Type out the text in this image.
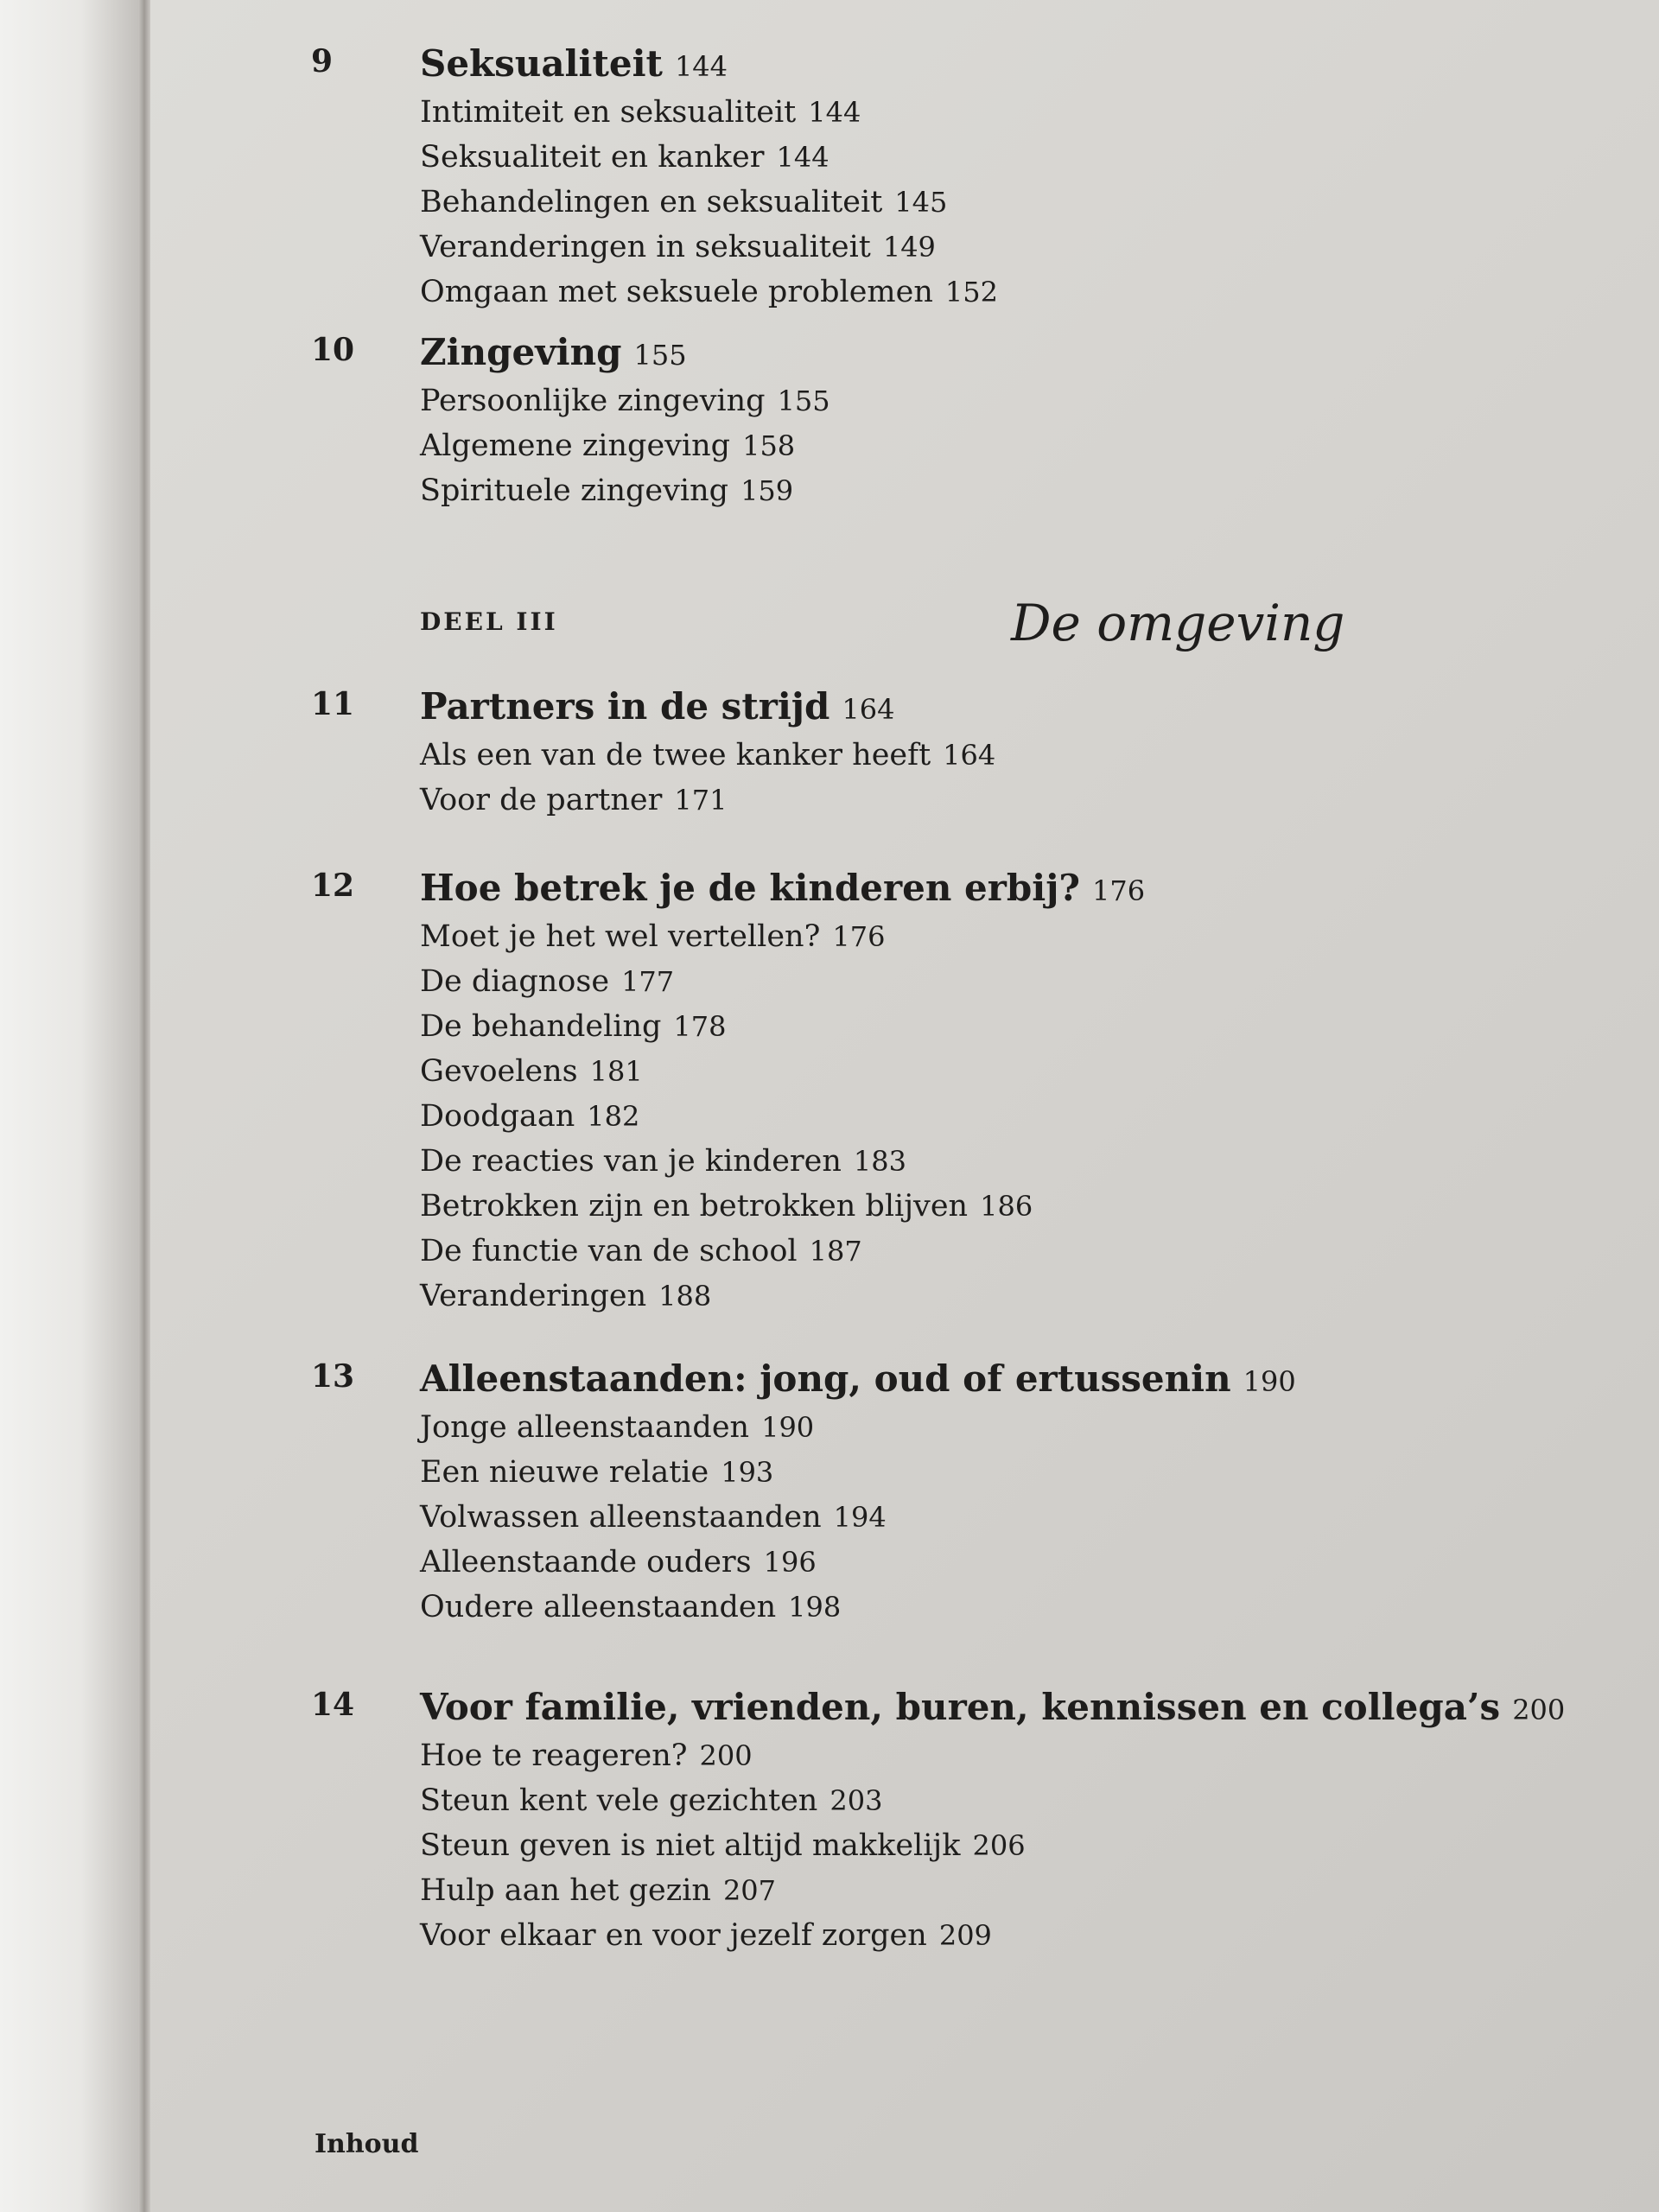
9 Seksualiteit 144
Intimiteit en seksualiteit 144
Seksualiteit en kanker 144
Behandelingen en seksualiteit 145
Veranderingen in seksualiteit 149
Omgaan met seksuele problemen 152
10 Zingeving 155
Persoonlijke zingeving 155
Algemene zingeving 158
Spirituele zingeving 159
DEEL III	De omgeving
11 Partners in de strijd 164
Als een van de twee kanker heeft 164
Voor de partner 171
12 Hoe betrek je de kinderen erbij? 176
Moet je het wel vertellen? 176
De diagnose 177
De behandeling 178
Gevoelens 181
Doodgaan 182
De reacties van je kinderen 183
Betrokken zijn en betrokken blijven 186
De functie van de school 187
Veranderingen 188
13 Alleenstaanden: jong, oud of ertussenin 190
Jonge alleenstaanden 190
Een nieuwe relatie 193
Volwassen alleenstaanden 194
Alleenstaande ouders 196
Oudere alleenstaanden 198
14 Voor familie, vrienden, buren, kennissen en collega’s 200
Hoe te reageren? 200
Steun kent vele gezichten 203
Steun geven is niet altijd makkelijk 206
Hulp aan het gezin 207
Voor elkaar en voor jezelf zorgen 209
Inhoud
